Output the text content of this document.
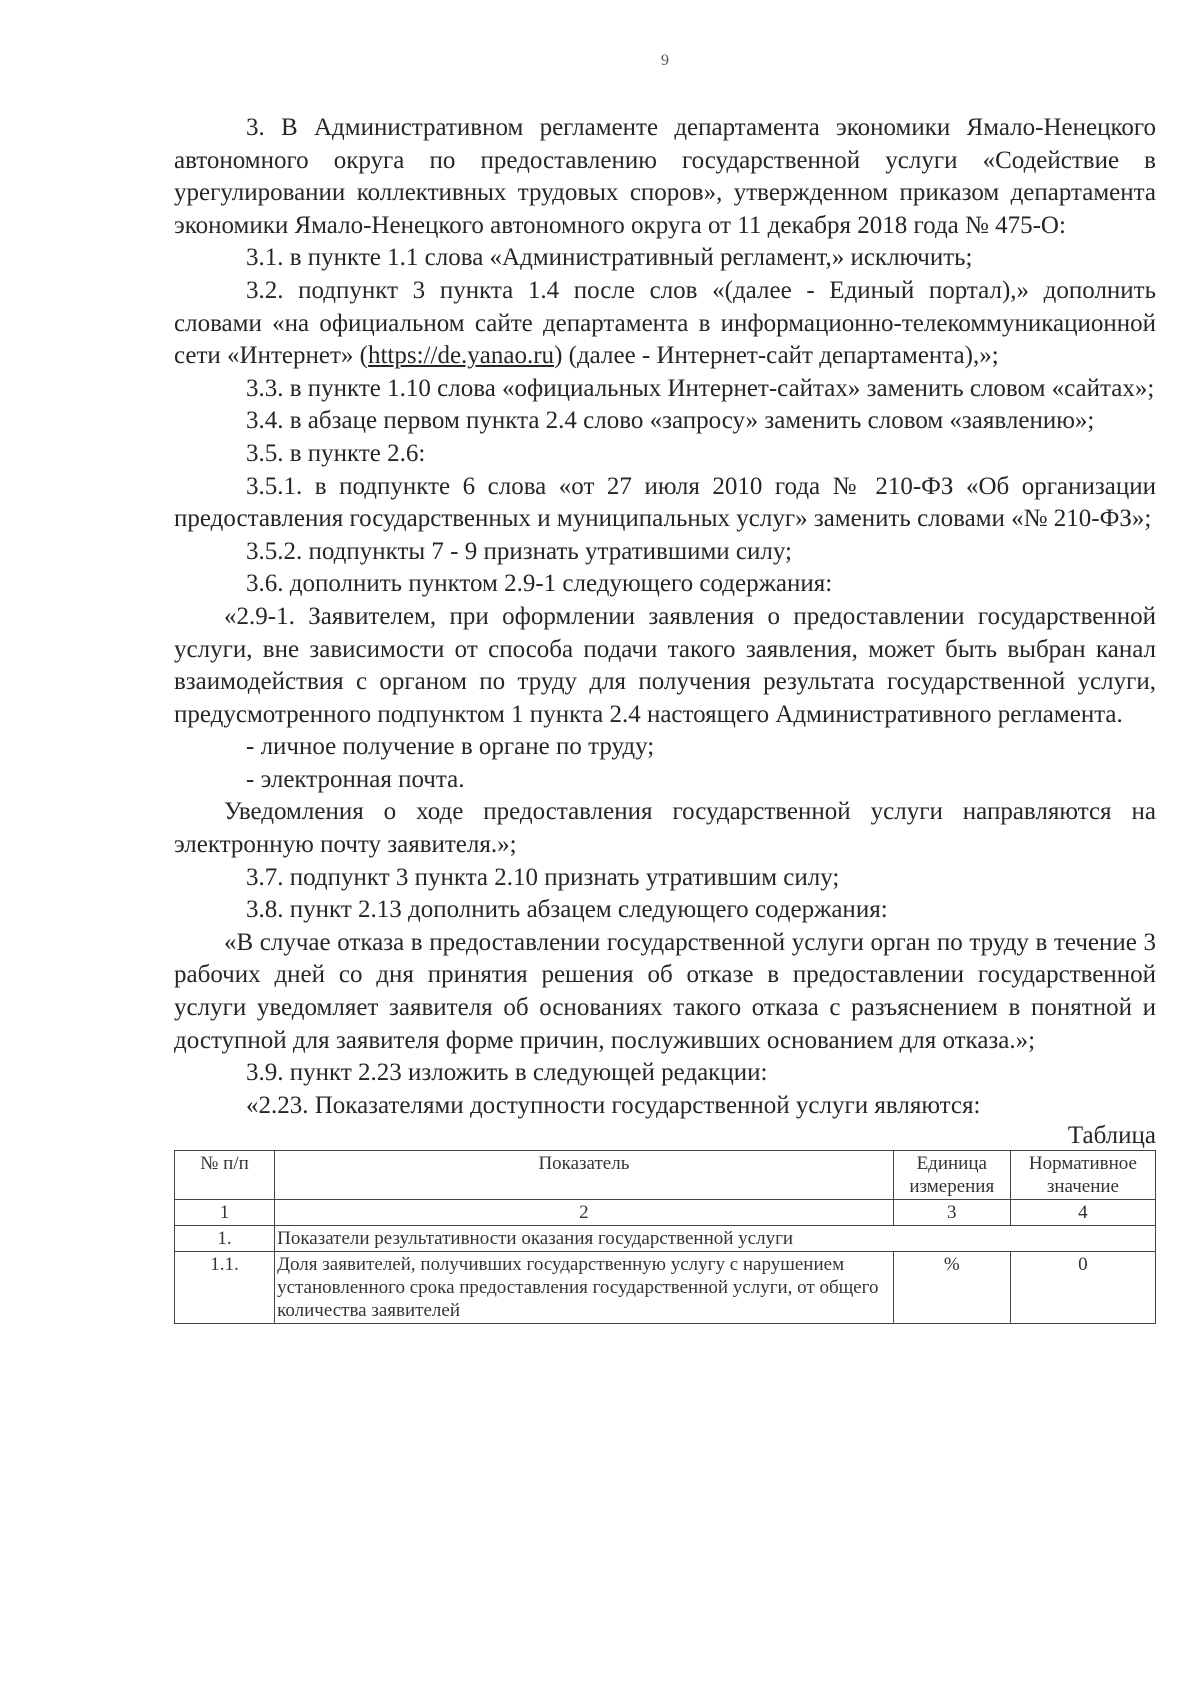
9

3. В Административном регламенте департамента экономики Ямало-Ненецкого автономного округа по предоставлению государственной услуги «Содействие в урегулировании коллективных трудовых споров», утвержденном приказом департамента экономики Ямало-Ненецкого автономного округа от 11 декабря 2018 года № 475-О:

3.1. в пункте 1.1 слова «Административный регламент,» исключить;

3.2. подпункт 3 пункта 1.4 после слов «(далее - Единый портал),» дополнить словами «на официальном сайте департамента в информационно-телекоммуникационной сети «Интернет» (https://de.yanao.ru) (далее - Интернет-сайт департамента),»;

3.3. в пункте 1.10 слова «официальных Интернет-сайтах» заменить словом «сайтах»;

3.4. в абзаце первом пункта 2.4 слово «запросу» заменить словом «заявлению»;

3.5. в пункте 2.6:

3.5.1. в подпункте 6 слова «от 27 июля 2010 года № 210-ФЗ «Об организации предоставления государственных и муниципальных услуг» заменить словами «№ 210-ФЗ»;

3.5.2. подпункты 7 - 9 признать утратившими силу;

3.6. дополнить пунктом 2.9-1 следующего содержания:

«2.9-1. Заявителем, при оформлении заявления о предоставлении государственной услуги, вне зависимости от способа подачи такого заявления, может быть выбран канал взаимодействия с органом по труду для получения результата государственной услуги, предусмотренного подпунктом 1 пункта 2.4 настоящего Административного регламента.

- личное получение в органе по труду;

- электронная почта.

Уведомления о ходе предоставления государственной услуги направляются на электронную почту заявителя.»;

3.7. подпункт 3 пункта 2.10 признать утратившим силу;

3.8. пункт 2.13 дополнить абзацем следующего содержания:

«В случае отказа в предоставлении государственной услуги орган по труду в течение 3 рабочих дней со дня принятия решения об отказе в предоставлении государственной услуги уведомляет заявителя об основаниях такого отказа с разъяснением в понятной и доступной для заявителя форме причин, послуживших основанием для отказа.»;

3.9. пункт 2.23 изложить в следующей редакции:

«2.23. Показателями доступности государственной услуги являются:

Таблица

№ п/п	Показатель	Единица измерения	Нормативное значение
1	2	3	4
1.	Показатели результативности оказания государственной услуги		
1.1.	Доля заявителей, получивших государственную услугу с нарушением установленного срока предоставления государственной услуги, от общего количества заявителей	%	0
